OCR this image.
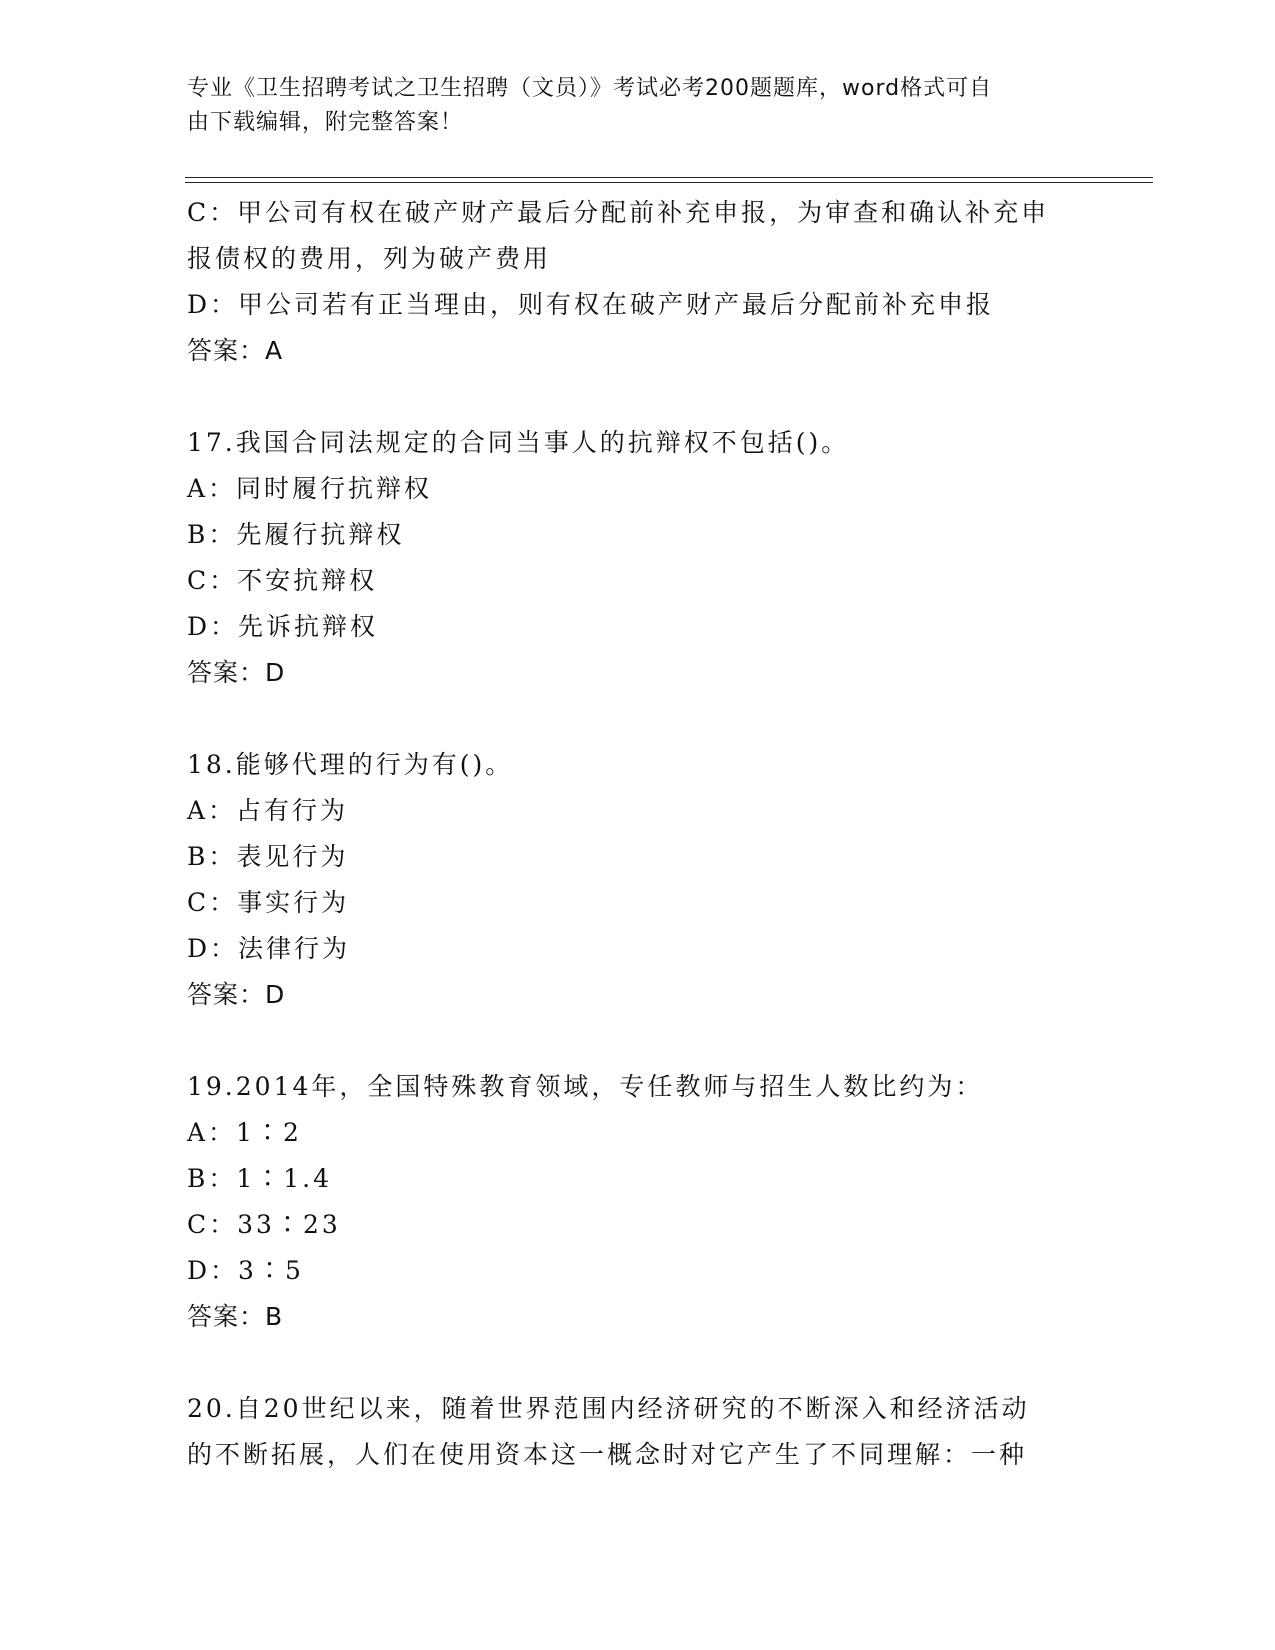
专业《卫生招聘考试之卫生招聘（文员）》考试必考200题题库，word格式可自
由下载编辑，附完整答案！
C：甲公司有权在破产财产最后分配前补充申报，为审查和确认补充申
报债权的费用，列为破产费用
D：甲公司若有正当理由，则有权在破产财产最后分配前补充申报
答案：A
17.我国合同法规定的合同当事人的抗辩权不包括()。
A：同时履行抗辩权
B：先履行抗辩权
C：不安抗辩权
D：先诉抗辩权
答案：D
18.能够代理的行为有()。
A：占有行为
B：表见行为
C：事实行为
D：法律行为
答案：D
19.2014年，全国特殊教育领域，专任教师与招生人数比约为：
A：1∶2
B：1∶1.4
C：33∶23
D：3∶5
答案：B
20.自20世纪以来，随着世界范围内经济研究的不断深入和经济活动
的不断拓展，人们在使用资本这一概念时对它产生了不同理解：一种
